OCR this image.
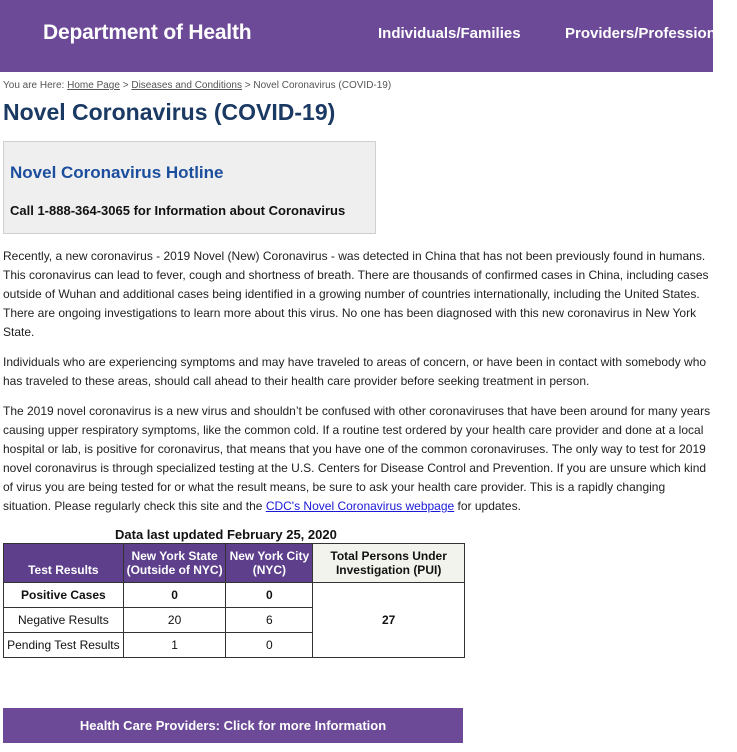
Department of Health	Individuals/Families	Providers/Professionals
You are Here: Home Page > Diseases and Conditions > Novel Coronavirus (COVID-19)
Novel Coronavirus (COVID-19)
Novel Coronavirus Hotline
Call 1-888-364-3065 for Information about Coronavirus

Recently, a new coronavirus - 2019 Novel (New) Coronavirus - was detected in China that has not been previously found in humans. This coronavirus can lead to fever, cough and shortness of breath. There are thousands of confirmed cases in China, including cases outside of Wuhan and additional cases being identified in a growing number of countries internationally, including the United States. There are ongoing investigations to learn more about this virus. No one has been diagnosed with this new coronavirus in New York State.

Individuals who are experiencing symptoms and may have traveled to areas of concern, or have been in contact with somebody who has traveled to these areas, should call ahead to their health care provider before seeking treatment in person.

The 2019 novel coronavirus is a new virus and shouldn’t be confused with other coronaviruses that have been around for many years causing upper respiratory symptoms, like the common cold. If a routine test ordered by your health care provider and done at a local hospital or lab, is positive for coronavirus, that means that you have one of the common coronaviruses. The only way to test for 2019 novel coronavirus is through specialized testing at the U.S. Centers for Disease Control and Prevention. If you are unsure which kind of virus you are being tested for or what the result means, be sure to ask your health care provider. This is a rapidly changing situation. Please regularly check this site and the CDC's Novel Coronavirus webpage for updates.

Data last updated February 25, 2020
Test Results	New York State (Outside of NYC)	New York City (NYC)	Total Persons Under Investigation (PUI)
Positive Cases	0	0	27
Negative Results	20	6	
Pending Test Results	1	0	
Health Care Providers: Click for more Information
